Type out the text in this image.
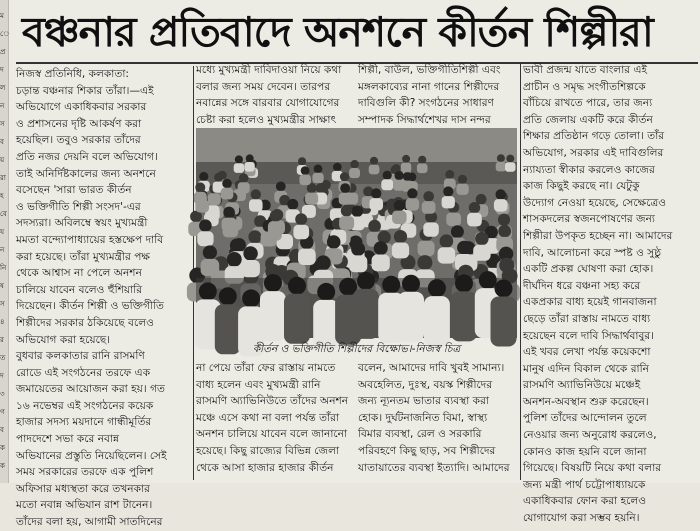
ম
ে
প্র
দ
ল
ন
স
ব
য়
রা
হ
বে
য
ন
নি
ষ
স
৪
র
ত
দ
৩
গ
ব
ক
ক
বঞ্চনার প্রতিবাদে অনশনে কীর্তন শিল্পীরা

নিজস্ব প্রতিনিধি, কলকাতা:

চড়ান্ত বঞ্চনার শিকার তাঁরা।—এই

অভিযোগে একাধিকবার সরকার

ও প্রশাসনের দৃষ্টি আকর্ষণ করা

হয়েছিল। তবুও সরকার তাঁদের

প্রতি নজর দেয়নি বলে অভিযোগ।

তাই অনির্দিষ্টকালের জন্য অনশনে

বসেছেন 'সারা ভারত কীর্তন

ও ভক্তিগীতি শিল্পী সংসদ'-এর

সদস্যরা। অবিলম্বে স্বয়ং মুখ্যমন্ত্রী

মমতা বন্দ্যোপাধ্যায়ের হস্তক্ষেপ দাবি

করা হয়েছে। তাঁরা মুখ্যমন্ত্রীর পক্ষ

থেকে আশ্বাস না পেলে অনশন

চালিয়ে যাবেন বলেও হুঁশিয়ারি

দিয়েছেন। কীর্তন শিল্পী ও ভক্তিগীতি

শিল্পীদের সরকার ঠকিয়েছে বলেও

অভিযোগ করা হয়েছে।

বুধবার কলকাতার রানি রাসমণি

রোডে এই সংগঠনের তরফে এক

জমায়েতের আয়োজন করা হয়। গত

১৬ নভেম্বর এই সংগঠনের কয়েক

হাজার সদস্য ময়দানে গান্ধীমূর্তির

পাদদেশে সভা করে নবান্ন

অভিযানের প্রস্তুতি নিয়েছিলেন। সেই

সময় সরকারের তরফে এক পুলিশ

অফিসার মধ্যস্থতা করে তখনকার

মতো নবান্ন অভিযান রাশ টানেন।

তাঁদের বলা হয়, আগামী সাতদিনের

মধ্যে মুখ্যমন্ত্রী দাবিদাওয়া নিয়ে কথা

বলার জন্য সময় দেবেন। তারপর

নবান্নের সঙ্গে বারবার যোগাযোগের

চেষ্টা করা হলেও মুখ্যমন্ত্রীর সাক্ষাৎ

শিল্পী, বাউল, ভক্তিগীতিশিল্পী এবং

মঙ্গলকাব্যের নানা গানের শিল্পীদের

দাবিগুলি কী? সংগঠনের সাধারণ

সম্পাদক সিদ্ধার্থশেখর দাস নন্দর

কীর্তন ও ভক্তিগীতি শিল্পীদের বিক্ষোভ।-নিজস্ব চিত্র

না পেয়ে তাঁরা ফের রাস্তায় নামতে

বাধ্য হলেন এবং মুখ্যমন্ত্রী রানি

রাসমণি অ্যাভিনিউতে তাঁদের অনশন

মঞ্চে এসে কথা না বলা পর্যন্ত তাঁরা

অনশন চালিয়ে যাবেন বলে জানানো

হয়েছে। কিছু রাজ্যের বিভিন্ন জেলা

থেকে আসা হাজার হাজার কীর্তন

বলেন, আমাদের দাবি খুবই সামান্য।

অবহেলিত, দুঃস্থ, বয়স্ক শিল্পীদের

জন্য ন্যূনতম ভাতার ব্যবস্থা করা

হোক। দুর্ঘটনাজনিত বিমা, স্বাস্থ্য

বিমার ব্যবস্থা, রেল ও সরকারি

পরিবহণে কিছু ছাড়, সব শিল্পীদের

যাতায়াতের ব্যবস্থা ইত্যাদি। আমাদের

ভাবী প্রজন্ম যাতে বাংলার এই

প্রাচীন ও সমৃদ্ধ সংগীতশিল্পকে

বাঁচিয়ে রাখতে পারে, তার জন্য

প্রতি জেলায় একটি করে কীর্তন

শিক্ষার প্রতিষ্ঠান গড়ে তোলা। তাঁর

অভিযোগ, সরকার এই দাবিগুলির

ন্যায্যতা স্বীকার করলেও কাজের

কাজ কিছুই করছে না। যেটুকু

উদ্যোগ নেওয়া হয়েছে, সেক্ষেত্রেও

শাসকদলের স্বজনপোষণের জন্য

শিল্পীরা উপকৃত হচ্ছেন না। আমাদের

দাবি, আলোচনা করে স্পষ্ট ও সুষ্ঠু

একটি প্রকল্প ঘোষণা করা হোক।

দীর্ঘদিন ধরে বঞ্চনা সহ্য করে

একপ্রকার বাধ্য হয়েই গানবাজনা

ছেড়ে তাঁরা রাস্তায় নামতে বাধ্য

হয়েছেন বলে দাবি সিদ্ধার্থবাবুর।

এই খবর লেখা পর্যন্ত কয়েকশো

মানুষ এদিন বিকাল থেকে রানি

রাসমণি অ্যাভিনিউয়ে মঞ্চেই

অনশন-অবস্থান শুরু করেছেন।

পুলিশ তাঁদের আন্দোলন তুলে

নেওয়ার জন্য অনুরোধ করলেও,

কোনও কাজ হয়নি বলে জানা

গিয়েছে। বিষয়টি নিয়ে কথা বলার

জন্য মন্ত্রী পার্থ চট্টোপাধ্যায়কে

একাধিকবার ফোন করা হলেও

যোগাযোগ করা সম্ভব হয়নি।
